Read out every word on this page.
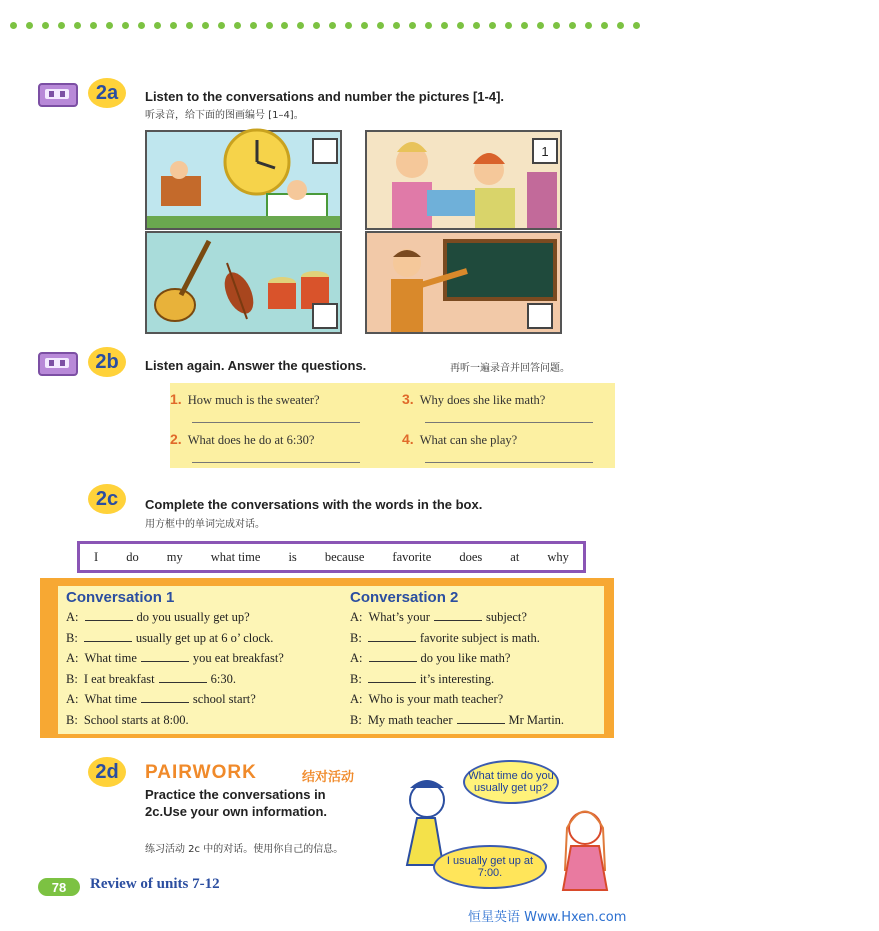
2a	Listen to the conversations and number the pictures [1-4].
听录音，给下面的图画编号 [1–4]。
1
2+2 = 4
2b	Listen again. Answer the questions.	再听一遍录音并回答问题。
1. How much is the sweater?	3. Why does she like math?
2. What does he do at 6:30?	4. What can she play?
2c	Complete the conversations with the words in the box.
用方框中的单词完成对话。
I do my what time is because favorite does at why
Conversation 1	Conversation 2
A:	do you usually get up?
B:	usually get up at 6 o’ clock.
A: What time	you eat breakfast?
B: I eat breakfast	6:30.
A: What time	school start?
B: School starts at 8:00.
A: What’s your	subject?
B:	favorite subject is math.
A:	do you like math?
B:	it’s interesting.
A: Who is your math teacher?
B: My math teacher	Mr Martin.
2d	PAIRWORK	结对活动
Practice the conversations in 2c.Use your own information.
练习活动 2c 中的对话。使用你自己的信息。
What time do you usually get up?
I usually get up at 7:00.
78	Review of units 7-12
恒星英语 Www.Hxen.com
